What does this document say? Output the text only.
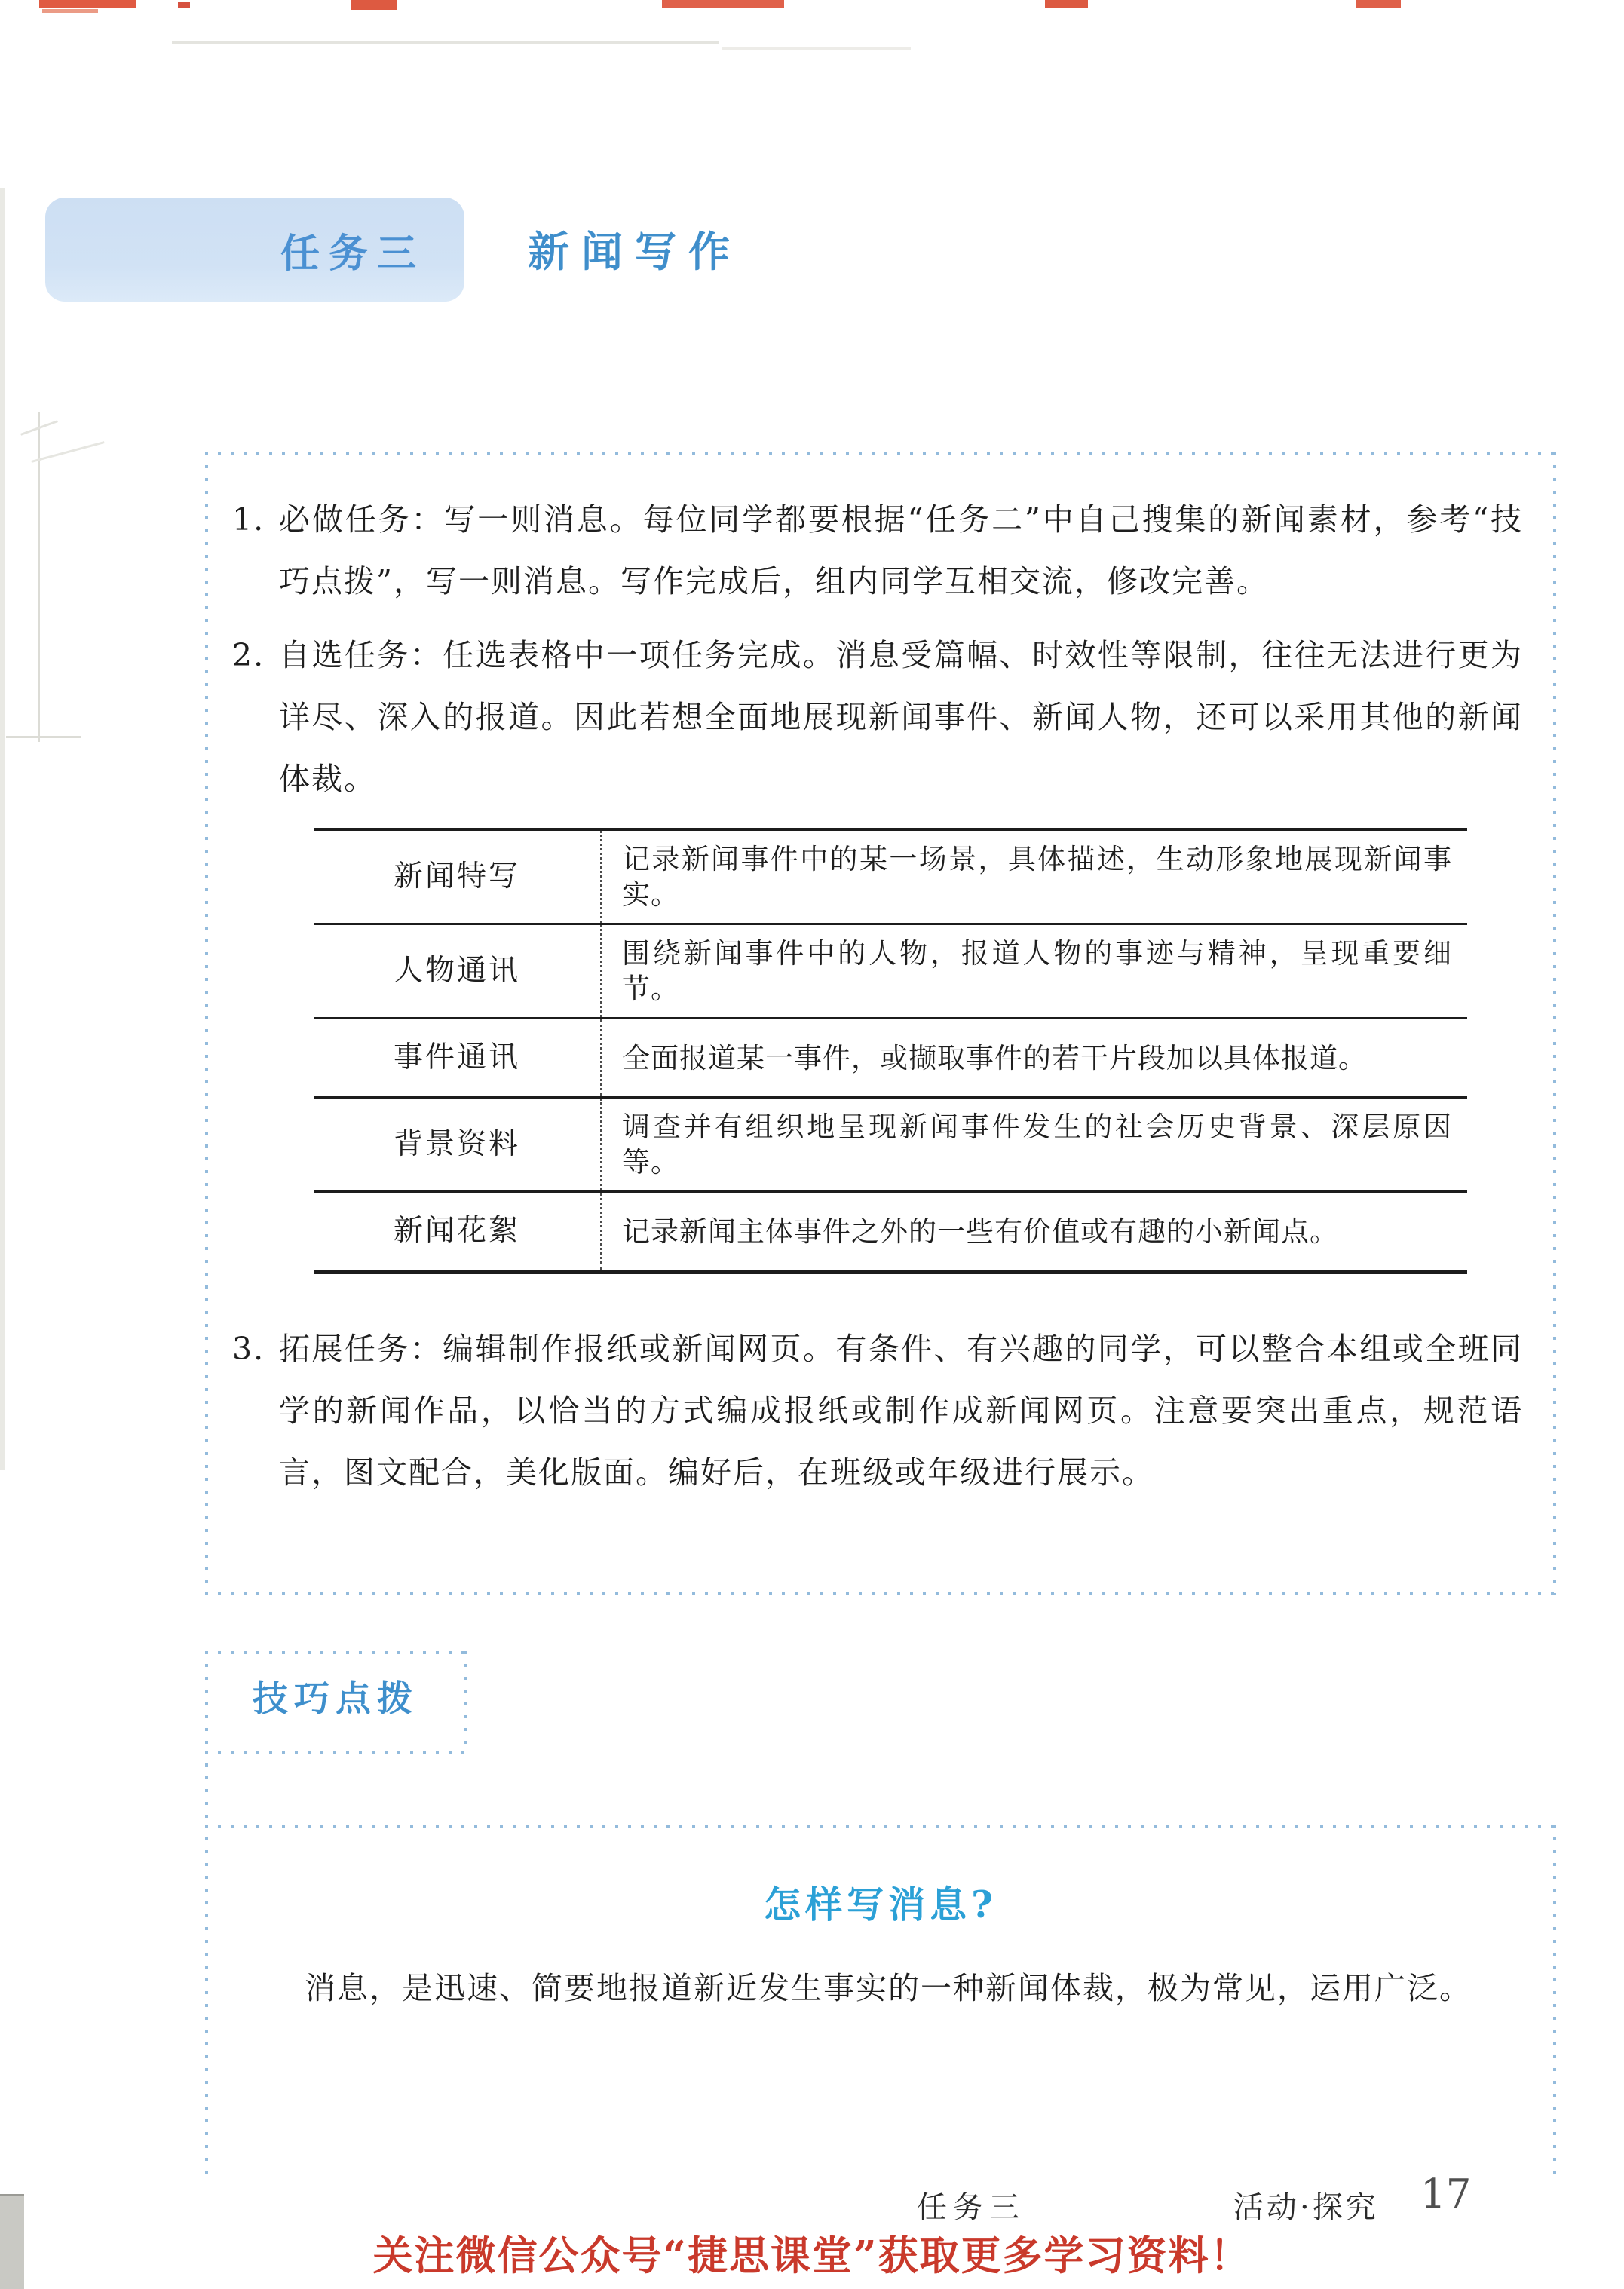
任务三 新闻写作
1. 必做任务：写一则消息。每位同学都要根据“任务二”中自己搜集的新闻素材，参考“技巧点拨”，写一则消息。写作完成后，组内同学互相交流，修改完善。
2. 自选任务：任选表格中一项任务完成。消息受篇幅、时效性等限制，往往无法进行更为详尽、深入的报道。因此若想全面地展现新闻事件、新闻人物，还可以采用其他的新闻体裁。
新闻特写	记录新闻事件中的某一场景，具体描述，生动形象地展现新闻事实。
人物通讯	围绕新闻事件中的人物，报道人物的事迹与精神，呈现重要细节。
事件通讯	全面报道某一事件，或撷取事件的若干片段加以具体报道。
背景资料	调查并有组织地呈现新闻事件发生的社会历史背景、深层原因等。
新闻花絮	记录新闻主体事件之外的一些有价值或有趣的小新闻点。
3. 拓展任务：编辑制作报纸或新闻网页。有条件、有兴趣的同学，可以整合本组或全班同学的新闻作品，以恰当的方式编成报纸或制作成新闻网页。注意要突出重点，规范语言，图文配合，美化版面。编好后，在班级或年级进行展示。
技巧点拨
怎样写消息?
消息，是迅速、简要地报道新近发生事实的一种新闻体裁，极为常见，运用广泛。
任务三	活动·探究 17
关注微信公众号“捷思课堂”获取更多学习资料！
